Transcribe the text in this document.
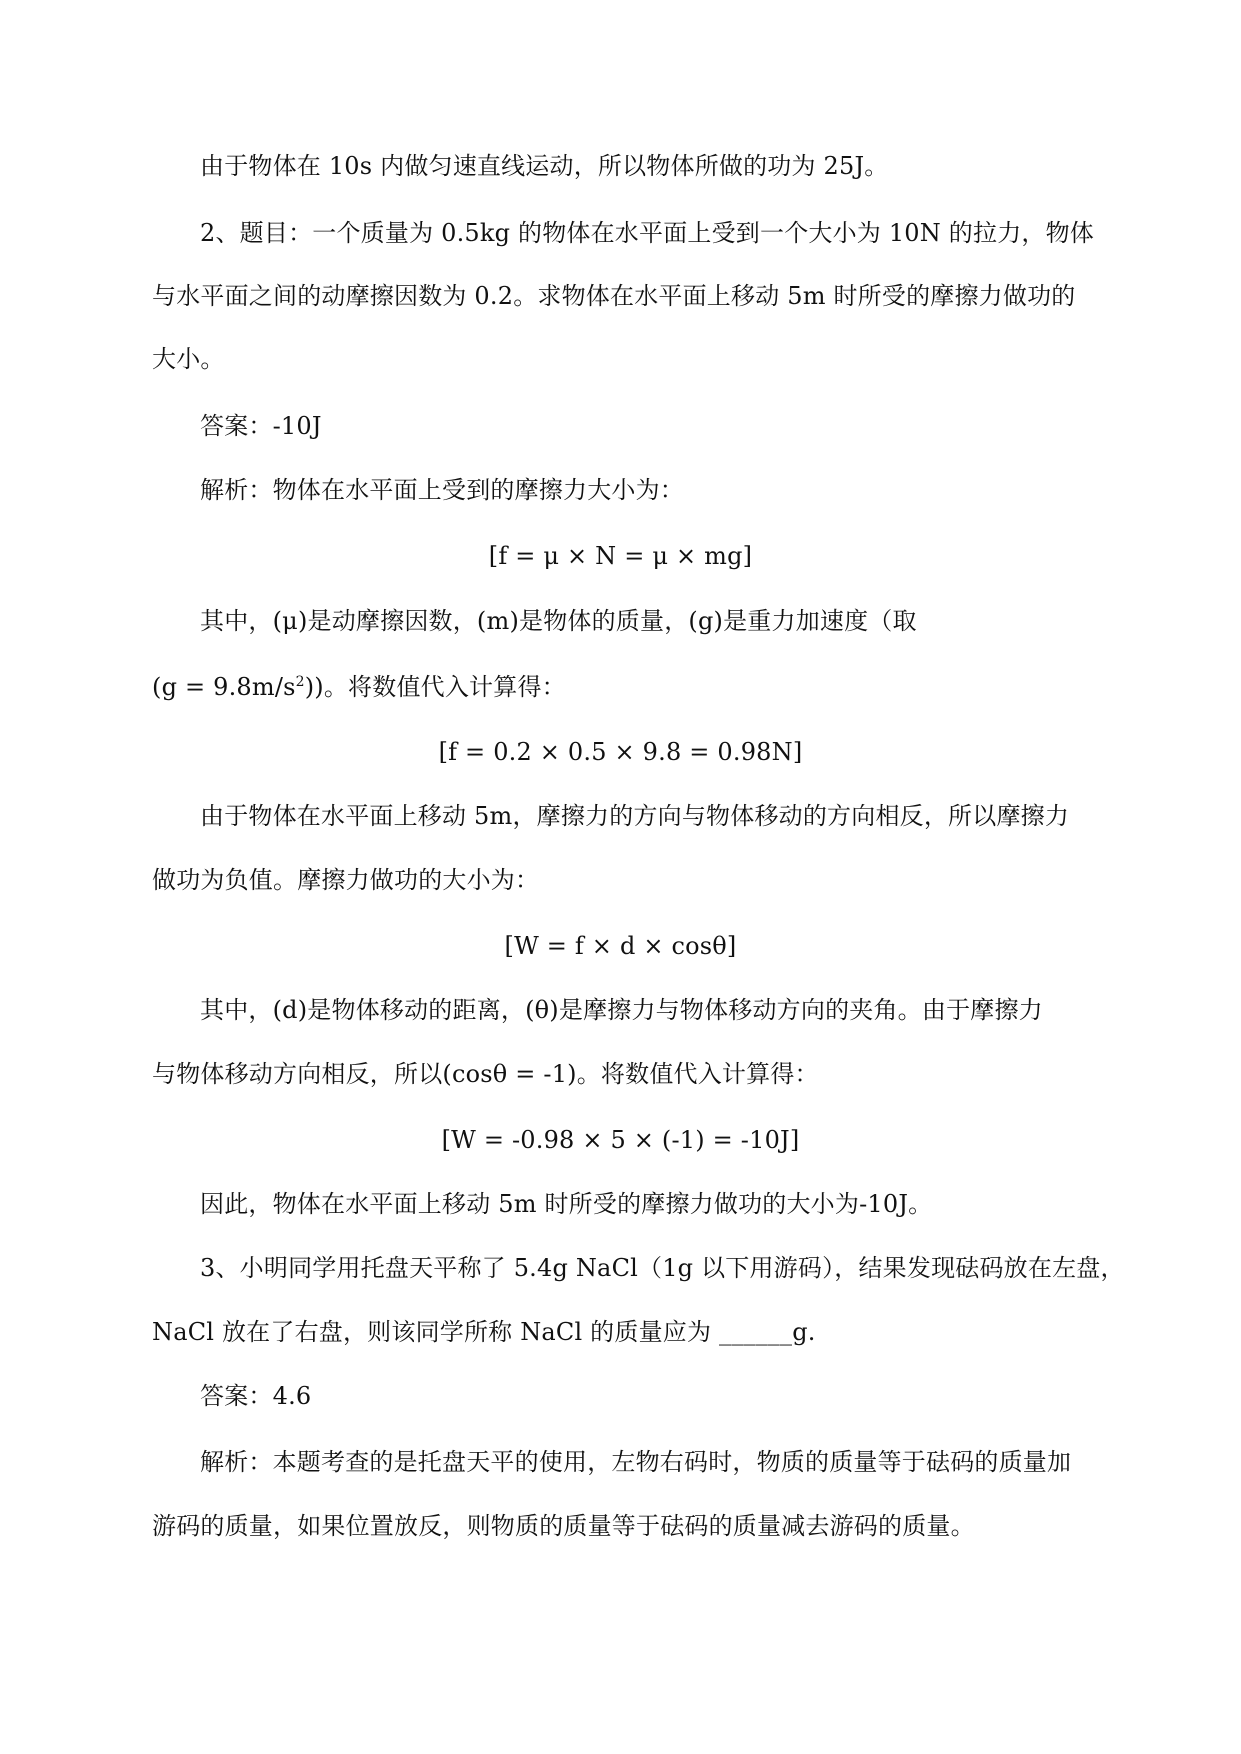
由于物体在 10s 内做匀速直线运动，所以物体所做的功为 25J。
2、题目：一个质量为 0.5kg 的物体在水平面上受到一个大小为 10N 的拉力，物体
与水平面之间的动摩擦因数为 0.2。求物体在水平面上移动 5m 时所受的摩擦力做功的
大小。
答案：-10J
解析：物体在水平面上受到的摩擦力大小为：
[f = μ × N = μ × mg]
其中，(μ)是动摩擦因数，(m)是物体的质量，(g)是重力加速度（取
$(g = 9.8m/s^2)$)。将数值代入计算得：
[f = 0.2 × 0.5 × 9.8 = 0.98N]
由于物体在水平面上移动 5m，摩擦力的方向与物体移动的方向相反，所以摩擦力
做功为负值。摩擦力做功的大小为：
[W = f × d × cosθ]
其中，(d)是物体移动的距离，(θ)是摩擦力与物体移动方向的夹角。由于摩擦力
与物体移动方向相反，所以(cosθ = -1)。将数值代入计算得：
[W = -0.98 × 5 × (-1) = -10J]
因此，物体在水平面上移动 5m 时所受的摩擦力做功的大小为-10J。
3、小明同学用托盘天平称了 5.4g NaCl（1g 以下用游码），结果发现砝码放在左盘，
NaCl 放在了右盘，则该同学所称 NaCl 的质量应为 ______g.
答案：4.6
解析：本题考查的是托盘天平的使用，左物右码时，物质的质量等于砝码的质量加
游码的质量，如果位置放反，则物质的质量等于砝码的质量减去游码的质量。
